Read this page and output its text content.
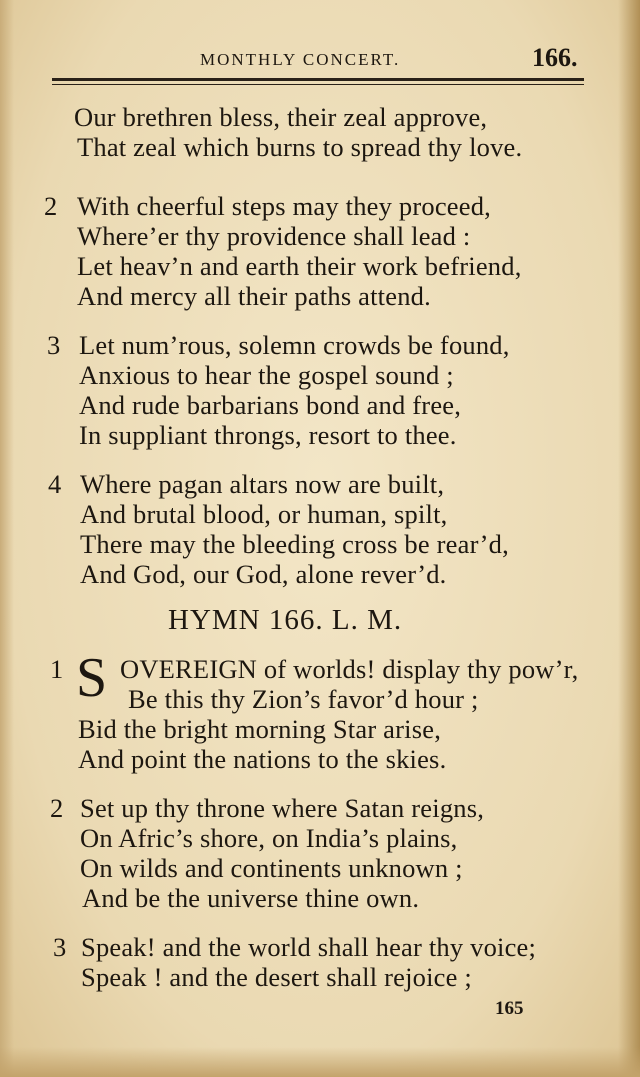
MONTHLY CONCERT.	166.
Our brethren bless, their zeal approve,
That zeal which burns to spread thy love.
2 With cheerful steps may they proceed,
Where’er thy providence shall lead :
Let heav’n and earth their work befriend,
And mercy all their paths attend.
3 Let num’rous, solemn crowds be found,
Anxious to hear the gospel sound ;
And rude barbarians bond and free,
In suppliant throngs, resort to thee.
4 Where pagan altars now are built,
And brutal blood, or human, spilt,
There may the bleeding cross be rear’d,
And God, our God, alone rever’d.
HYMN 166. L. M.
1 S OVEREIGN of worlds! display thy pow’r,
Be this thy Zion’s favor’d hour ;
Bid the bright morning Star arise,
And point the nations to the skies.
2 Set up thy throne where Satan reigns,
On Afric’s shore, on India’s plains,
On wilds and continents unknown ;
And be the universe thine own.
3 Speak! and the world shall hear thy voice;
Speak ! and the desert shall rejoice ;
165
